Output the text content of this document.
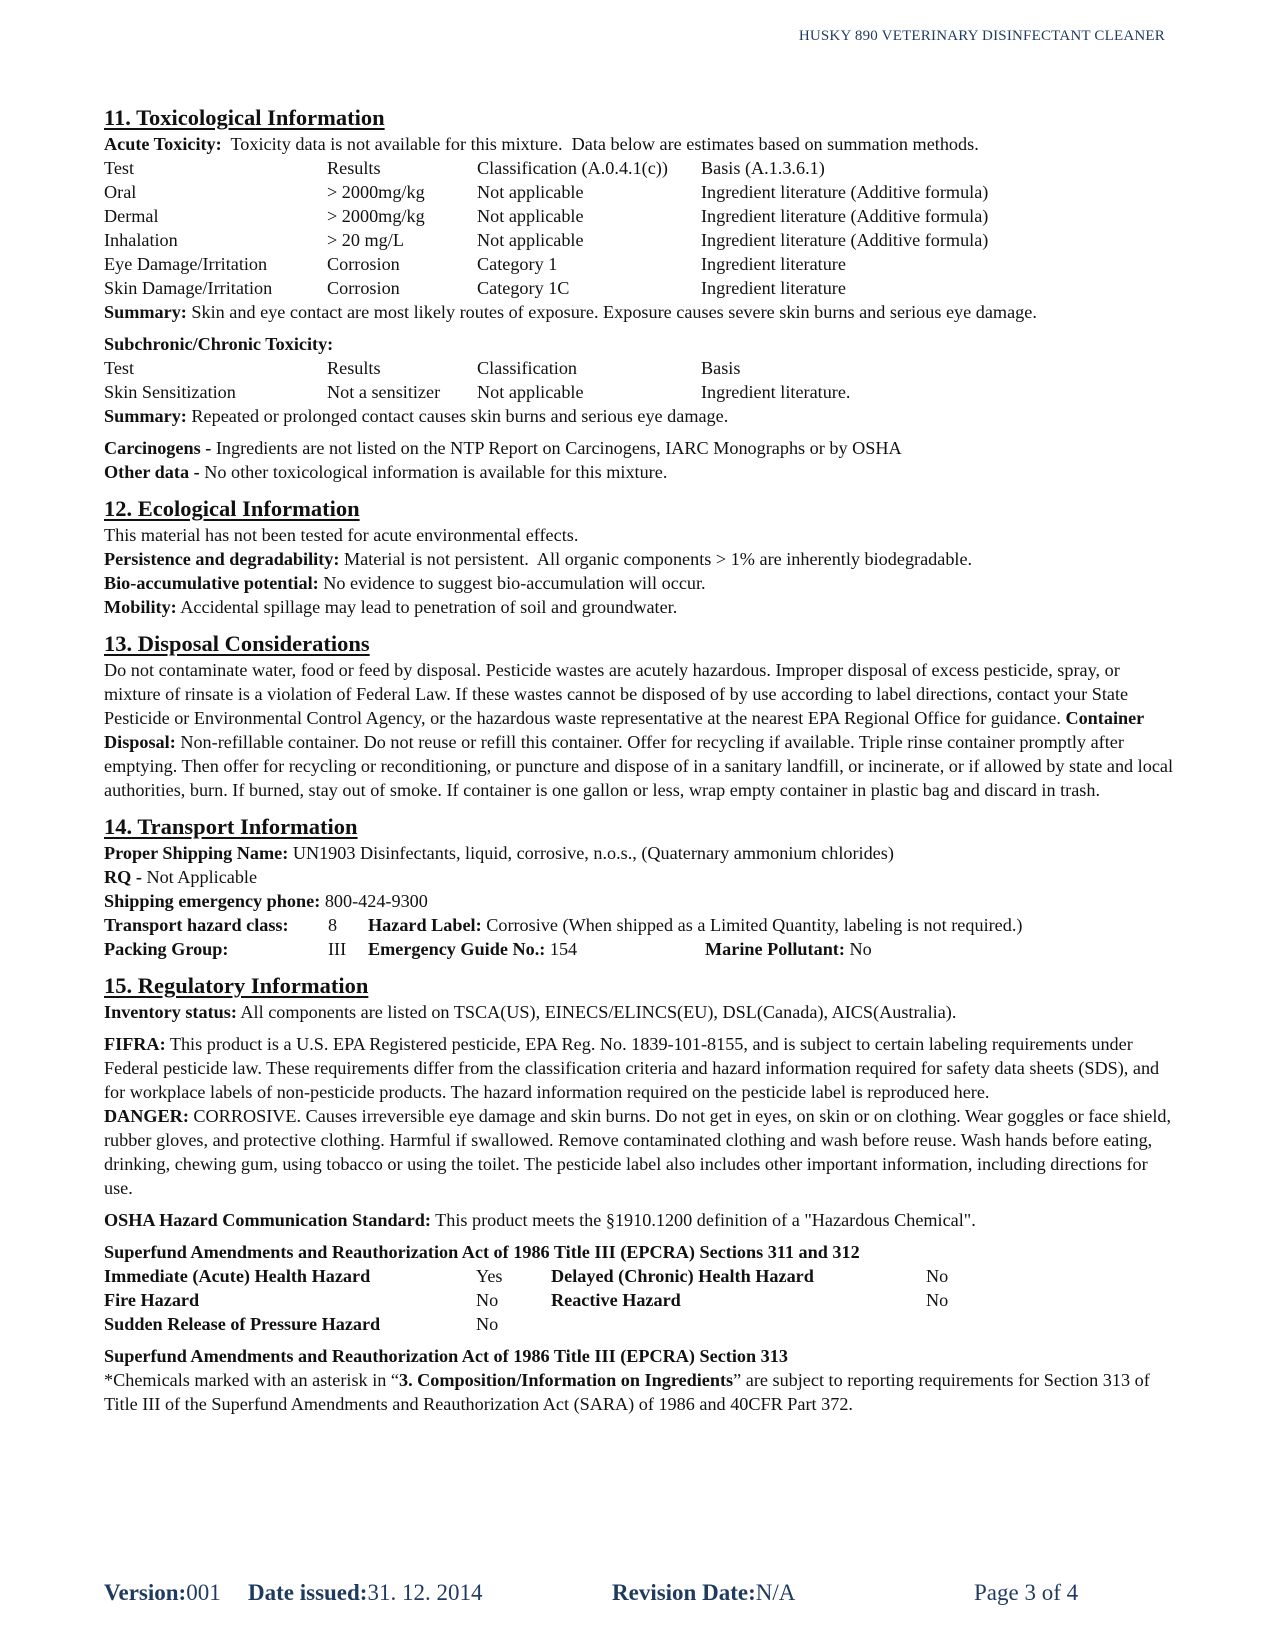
HUSKY 890 VETERINARY DISINFECTANT CLEANER
11. Toxicological Information

Acute Toxicity:  Toxicity data is not available for this mixture.  Data below are estimates based on summation methods.

Test	Results	Classification (A.0.4.1(c))	Basis (A.1.3.6.1)
Oral	> 2000mg/kg	Not applicable	Ingredient literature (Additive formula)
Dermal	> 2000mg/kg	Not applicable	Ingredient literature (Additive formula)
Inhalation	> 20 mg/L	Not applicable	Ingredient literature (Additive formula)
Eye Damage/Irritation	Corrosion	Category 1	Ingredient literature
Skin Damage/Irritation	Corrosion	Category 1C	Ingredient literature

Summary: Skin and eye contact are most likely routes of exposure. Exposure causes severe skin burns and serious eye damage.

Subchronic/Chronic Toxicity:

Test	Results	Classification	Basis
Skin Sensitization	Not a sensitizer	Not applicable	Ingredient literature.

Summary: Repeated or prolonged contact causes skin burns and serious eye damage.

Carcinogens - Ingredients are not listed on the NTP Report on Carcinogens, IARC Monographs or by OSHA

Other data - No other toxicological information is available for this mixture.

12. Ecological Information

This material has not been tested for acute environmental effects.

Persistence and degradability: Material is not persistent.  All organic components > 1% are inherently biodegradable.

Bio-accumulative potential: No evidence to suggest bio-accumulation will occur.

Mobility: Accidental spillage may lead to penetration of soil and groundwater.

13. Disposal Considerations

Do not contaminate water, food or feed by disposal. Pesticide wastes are acutely hazardous. Improper disposal of excess pesticide, spray, or mixture of rinsate is a violation of Federal Law. If these wastes cannot be disposed of by use according to label directions, contact your State Pesticide or Environmental Control Agency, or the hazardous waste representative at the nearest EPA Regional Office for guidance. Container Disposal: Non-refillable container. Do not reuse or refill this container. Offer for recycling if available. Triple rinse container promptly after emptying. Then offer for recycling or reconditioning, or puncture and dispose of in a sanitary landfill, or incinerate, or if allowed by state and local authorities, burn. If burned, stay out of smoke. If container is one gallon or less, wrap empty container in plastic bag and discard in trash.

14. Transport Information

Proper Shipping Name: UN1903 Disinfectants, liquid, corrosive, n.o.s., (Quaternary ammonium chlorides)

RQ - Not Applicable

Shipping emergency phone: 800-424-9300

Transport hazard class:	8	Hazard Label: Corrosive (When shipped as a Limited Quantity, labeling is not required.)
Packing Group:	III	Emergency Guide No.: 154	Marine Pollutant: No
15. Regulatory Information

Inventory status: All components are listed on TSCA(US), EINECS/ELINCS(EU), DSL(Canada), AICS(Australia).

FIFRA: This product is a U.S. EPA Registered pesticide, EPA Reg. No. 1839-101-8155, and is subject to certain labeling requirements under Federal pesticide law. These requirements differ from the classification criteria and hazard information required for safety data sheets (SDS), and for workplace labels of non-pesticide products. The hazard information required on the pesticide label is reproduced here.

DANGER: CORROSIVE. Causes irreversible eye damage and skin burns. Do not get in eyes, on skin or on clothing. Wear goggles or face shield, rubber gloves, and protective clothing. Harmful if swallowed. Remove contaminated clothing and wash before reuse. Wash hands before eating, drinking, chewing gum, using tobacco or using the toilet. The pesticide label also includes other important information, including directions for use.

OSHA Hazard Communication Standard: This product meets the §1910.1200 definition of a "Hazardous Chemical".

Superfund Amendments and Reauthorization Act of 1986 Title III (EPCRA) Sections 311 and 312

Immediate (Acute) Health Hazard	Yes	Delayed (Chronic) Health Hazard	No
Fire Hazard	No	Reactive Hazard	No
Sudden Release of Pressure Hazard	No

Superfund Amendments and Reauthorization Act of 1986 Title III (EPCRA) Section 313

*Chemicals marked with an asterisk in “3. Composition/Information on Ingredients” are subject to reporting requirements for Section 313 of Title III of the Superfund Amendments and Reauthorization Act (SARA) of 1986 and 40CFR Part 372.

Version: 001 Date issued: 31. 12. 2014	Revision Date: N/A	Page 3 of 4
